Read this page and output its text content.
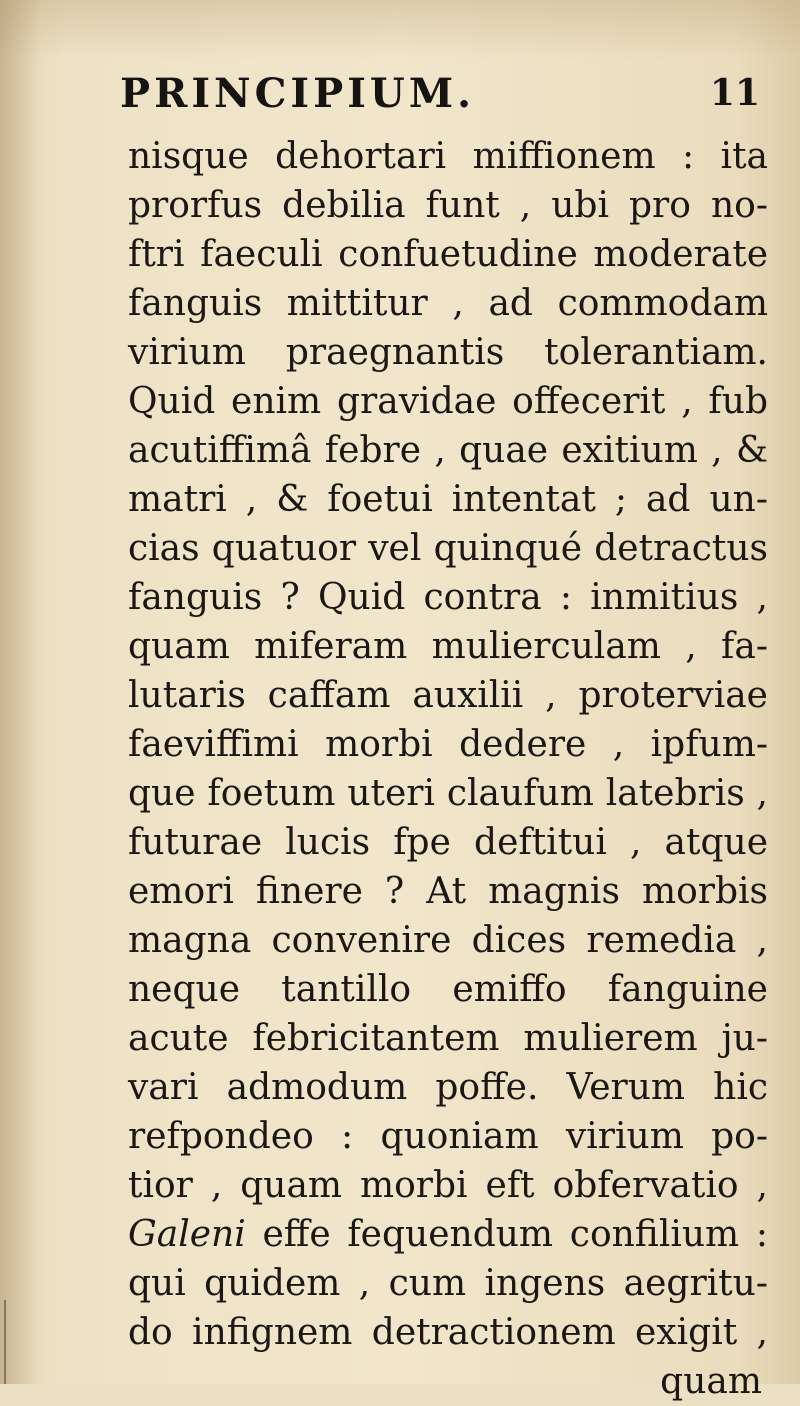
PRINCIPIUM.	11
nisque dehortari miffionem : ita
prorfus debilia funt , ubi pro no-
ftri faeculi confuetudine moderate
fanguis mittitur , ad commodam
virium praegnantis tolerantiam.
Quid enim gravidae offecerit , fub
acutiffimâ febre , quae exitium , &
matri , & foetui intentat ; ad un-
cias quatuor vel quinqué detractus
fanguis ? Quid contra : inmitius ,
quam miferam mulierculam , fa-
lutaris caffam auxilii , proterviae
faeviffimi morbi dedere , ipfum-
que foetum uteri claufum latebris ,
futurae lucis fpe deftitui , atque
emori finere ? At magnis morbis
magna convenire dices remedia ,
neque tantillo emiffo fanguine
acute febricitantem mulierem ju-
vari admodum poffe. Verum hic
refpondeo : quoniam virium po-
tior , quam morbi eft obfervatio ,
Galeni effe fequendum confilium :
qui quidem , cum ingens aegritu-
do infignem detractionem exigit ,
quam
